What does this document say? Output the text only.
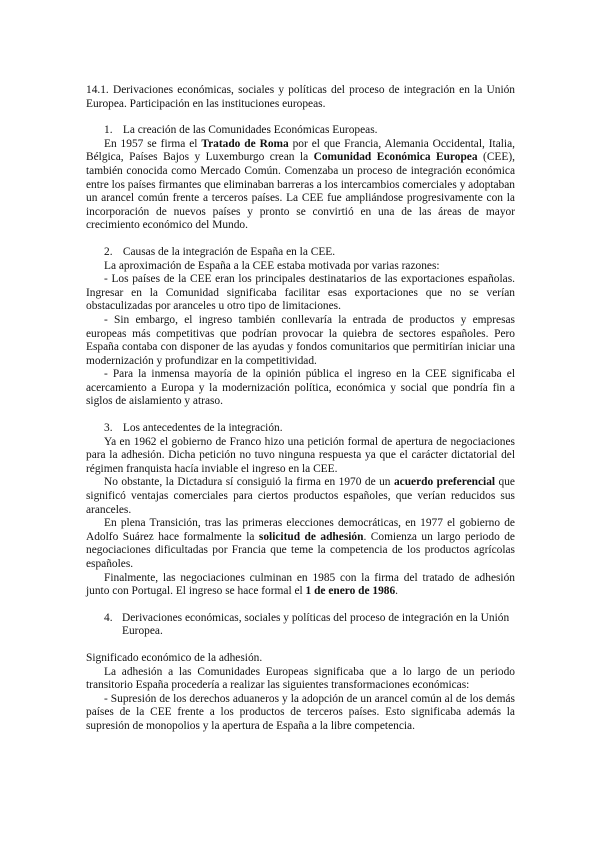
14.1. Derivaciones económicas, sociales y políticas del proceso de integración en la Unión Europea. Participación en las instituciones europeas.

1. La creación de las Comunidades Económicas Europeas.

En 1957 se firma el Tratado de Roma por el que Francia, Alemania Occidental, Italia, Bélgica, Países Bajos y Luxemburgo crean la Comunidad Económica Europea (CEE), también conocida como Mercado Común. Comenzaba un proceso de integración económica entre los países firmantes que eliminaban barreras a los intercambios comerciales y adoptaban un arancel común frente a terceros países. La CEE fue ampliándose progresivamente con la incorporación de nuevos países y pronto se convirtió en una de las áreas de mayor crecimiento económico del Mundo.

2. Causas de la integración de España en la CEE.

La aproximación de España a la CEE estaba motivada por varias razones:

- Los países de la CEE eran los principales destinatarios de las exportaciones españolas. Ingresar en la Comunidad significaba facilitar esas exportaciones que no se verían obstaculizadas por aranceles u otro tipo de limitaciones.

- Sin embargo, el ingreso también conllevaría la entrada de productos y empresas europeas más competitivas que podrían provocar la quiebra de sectores españoles. Pero España contaba con disponer de las ayudas y fondos comunitarios que permitirían iniciar una modernización y profundizar en la competitividad.

- Para la inmensa mayoría de la opinión pública el ingreso en la CEE significaba el acercamiento a Europa y la modernización política, económica y social que pondría fin a siglos de aislamiento y atraso.

3. Los antecedentes de la integración.

Ya en 1962 el gobierno de Franco hizo una petición formal de apertura de negociaciones para la adhesión. Dicha petición no tuvo ninguna respuesta ya que el carácter dictatorial del régimen franquista hacía inviable el ingreso en la CEE.

No obstante, la Dictadura sí consiguió la firma en 1970 de un acuerdo preferencial que significó ventajas comerciales para ciertos productos españoles, que verían reducidos sus aranceles.

En plena Transición, tras las primeras elecciones democráticas, en 1977 el gobierno de Adolfo Suárez hace formalmente la solicitud de adhesión. Comienza un largo periodo de negociaciones dificultadas por Francia que teme la competencia de los productos agrícolas españoles.

Finalmente, las negociaciones culminan en 1985 con la firma del tratado de adhesión junto con Portugal. El ingreso se hace formal el 1 de enero de 1986.

4. Derivaciones económicas, sociales y políticas del proceso de integración en la Unión Europea.

Significado económico de la adhesión.

La adhesión a las Comunidades Europeas significaba que a lo largo de un periodo transitorio España procedería a realizar las siguientes transformaciones económicas:

- Supresión de los derechos aduaneros y la adopción de un arancel común al de los demás países de la CEE frente a los productos de terceros países. Esto significaba además la supresión de monopolios y la apertura de España a la libre competencia.
